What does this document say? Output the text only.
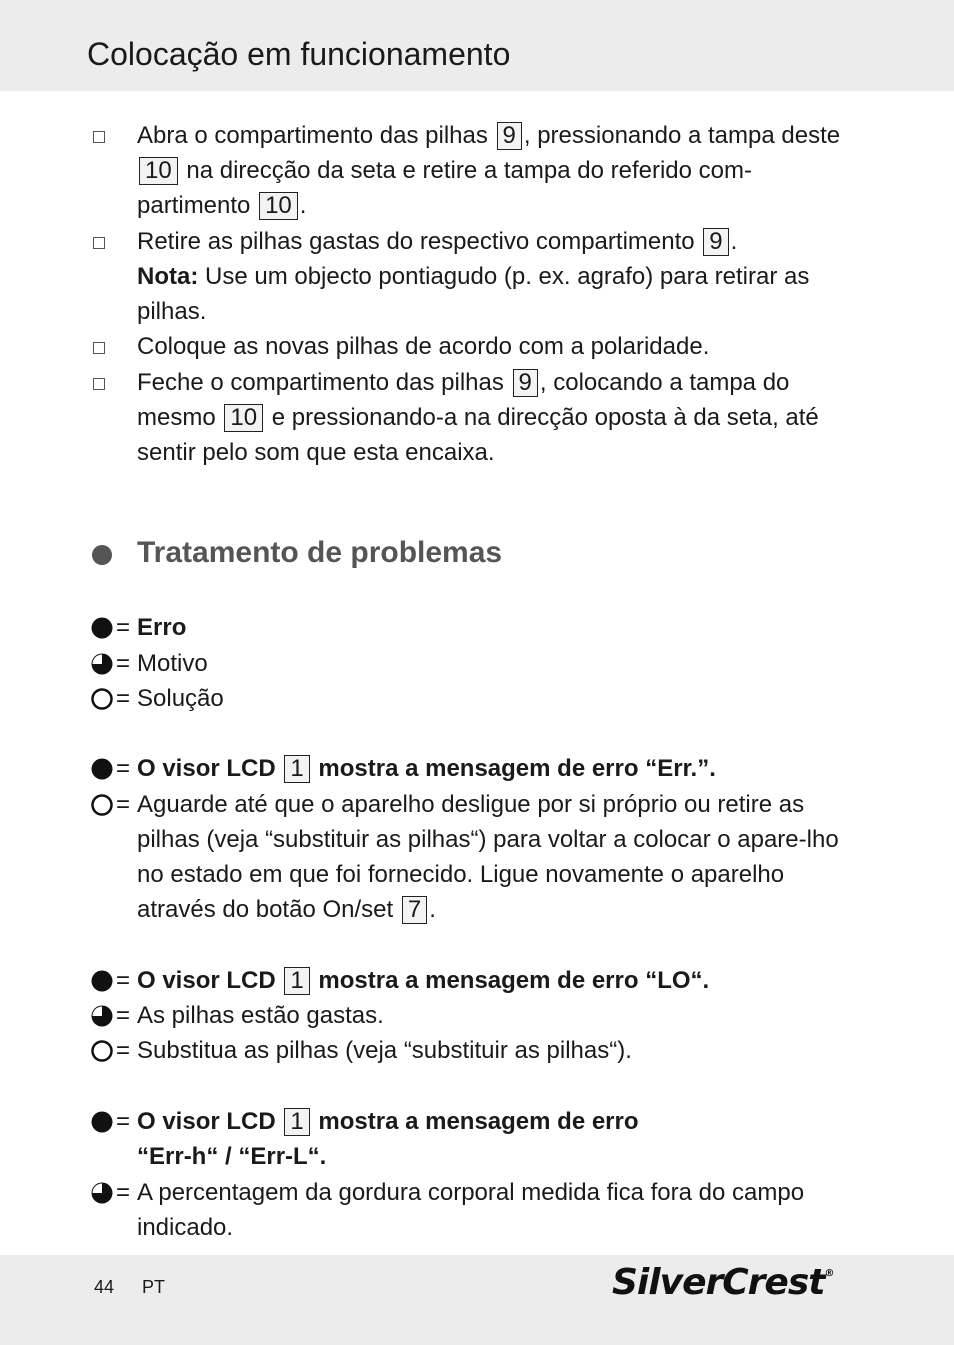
Colocação em funcionamento
Abra o compartimento das pilhas 9 , pressionando a tampa deste 10 na direcção da seta e retire a tampa do referido com-partimento 10 .
Retire as pilhas gastas do respectivo compartimento 9 .
Nota: Use um objecto pontiagudo (p. ex. agrafo) para retirar as pilhas.
Coloque as novas pilhas de acordo com a polaridade.
Feche o compartimento das pilhas 9 , colocando a tampa do mesmo 10 e pressionando-a na direcção oposta à da seta, até sentir pelo som que esta encaixa.
Tratamento de problemas
= Erro
= Motivo
= Solução
= O visor LCD 1 mostra a mensagem de erro “Err.”.
= Aguarde até que o aparelho desligue por si próprio ou retire as pilhas (veja “substituir as pilhas“) para voltar a colocar o apare-lho no estado em que foi fornecido. Ligue novamente o aparelho através do botão On/set 7 .
= O visor LCD 1 mostra a mensagem de erro “LO“.
= As pilhas estão gastas.
= Substitua as pilhas (veja “substituir as pilhas“).
= O visor LCD 1 mostra a mensagem de erro
“Err-h“ / “Err-L“.
= A percentagem da gordura corporal medida fica fora do campo
indicado.
44 PT	SilverCrest®
